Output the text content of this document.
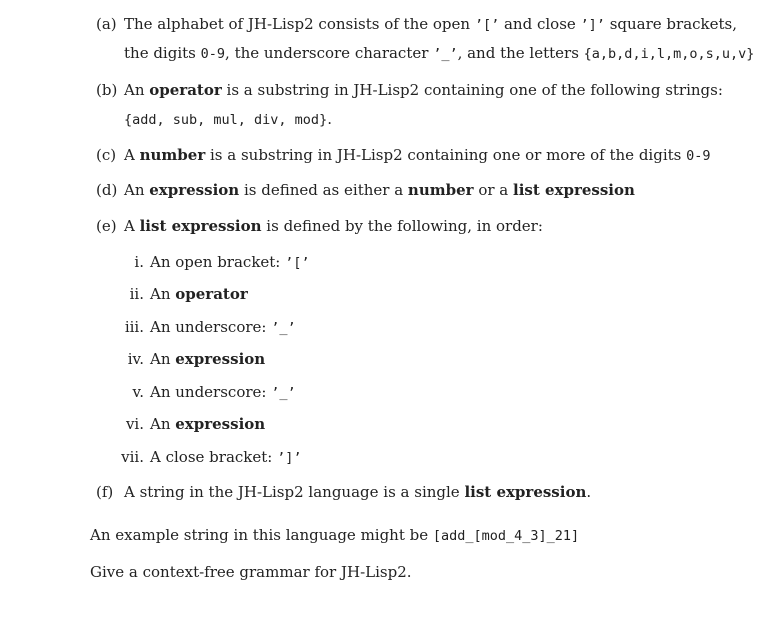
(a) The alphabet of JH-Lisp2 consists of the open ’[’ and close ’]’ square brackets,
the digits 0-9, the underscore character ’_’, and the letters {a,b,d,i,l,m,o,s,u,v}
(b) An operator is a substring in JH-Lisp2 containing one of the following strings:
{add, sub, mul, div, mod}.
(c) A number is a substring in JH-Lisp2 containing one or more of the digits 0-9
(d) An expression is defined as either a number or a list expression
(e) A list expression is defined by the following, in order:
i. An open bracket: ’[’
ii. An operator
iii. An underscore: ’_’
iv. An expression
v. An underscore: ’_’
vi. An expression
vii. A close bracket: ’]’
(f) A string in the JH-Lisp2 language is a single list expression.
An example string in this language might be [add_[mod_4_3]_21]
Give a context-free grammar for JH-Lisp2.
